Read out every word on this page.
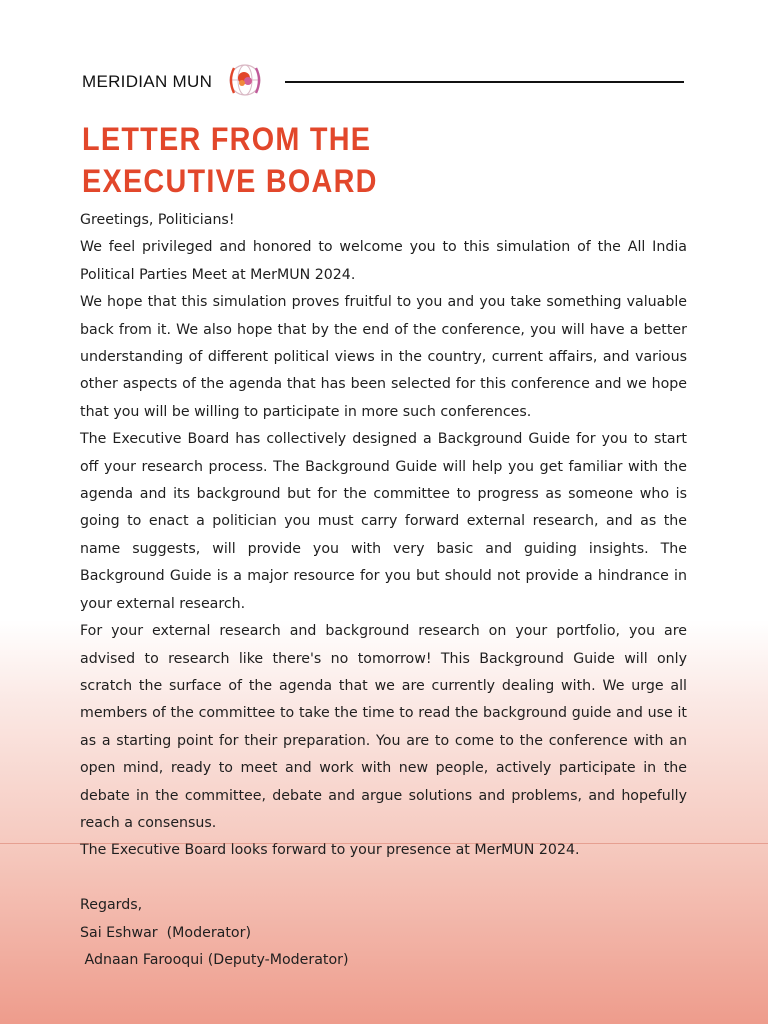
MERIDIAN MUN
LETTER FROM THE
EXECUTIVE BOARD

Greetings, Politicians!

We feel privileged and honored to welcome you to this simulation of the All India Political Parties Meet at MerMUN 2024.

We hope that this simulation proves fruitful to you and you take something valuable back from it. We also hope that by the end of the conference, you will have a better understanding of different political views in the country, current affairs, and various other aspects of the agenda that has been selected for this conference and we hope that you will be willing to participate in more such conferences.

The Executive Board has collectively designed a Background Guide for you to start off your research process. The Background Guide will help you get familiar with the agenda and its background but for the committee to progress as someone who is going to enact a politician you must carry forward external research, and as the name suggests, will provide you with very basic and guiding insights. The Background Guide is a major resource for you but should not provide a hindrance in your external research.

For your external research and background research on your portfolio, you are advised to research like there's no tomorrow! This Background Guide will only scratch the surface of the agenda that we are currently dealing with. We urge all members of the committee to take the time to read the background guide and use it as a starting point for their preparation. You are to come to the conference with an open mind, ready to meet and work with new people, actively participate in the debate in the committee, debate and argue solutions and problems, and hopefully reach a consensus.

The Executive Board looks forward to your presence at MerMUN 2024.

Regards,

Sai Eshwar  (Moderator)

Adnaan Farooqui (Deputy-Moderator)
